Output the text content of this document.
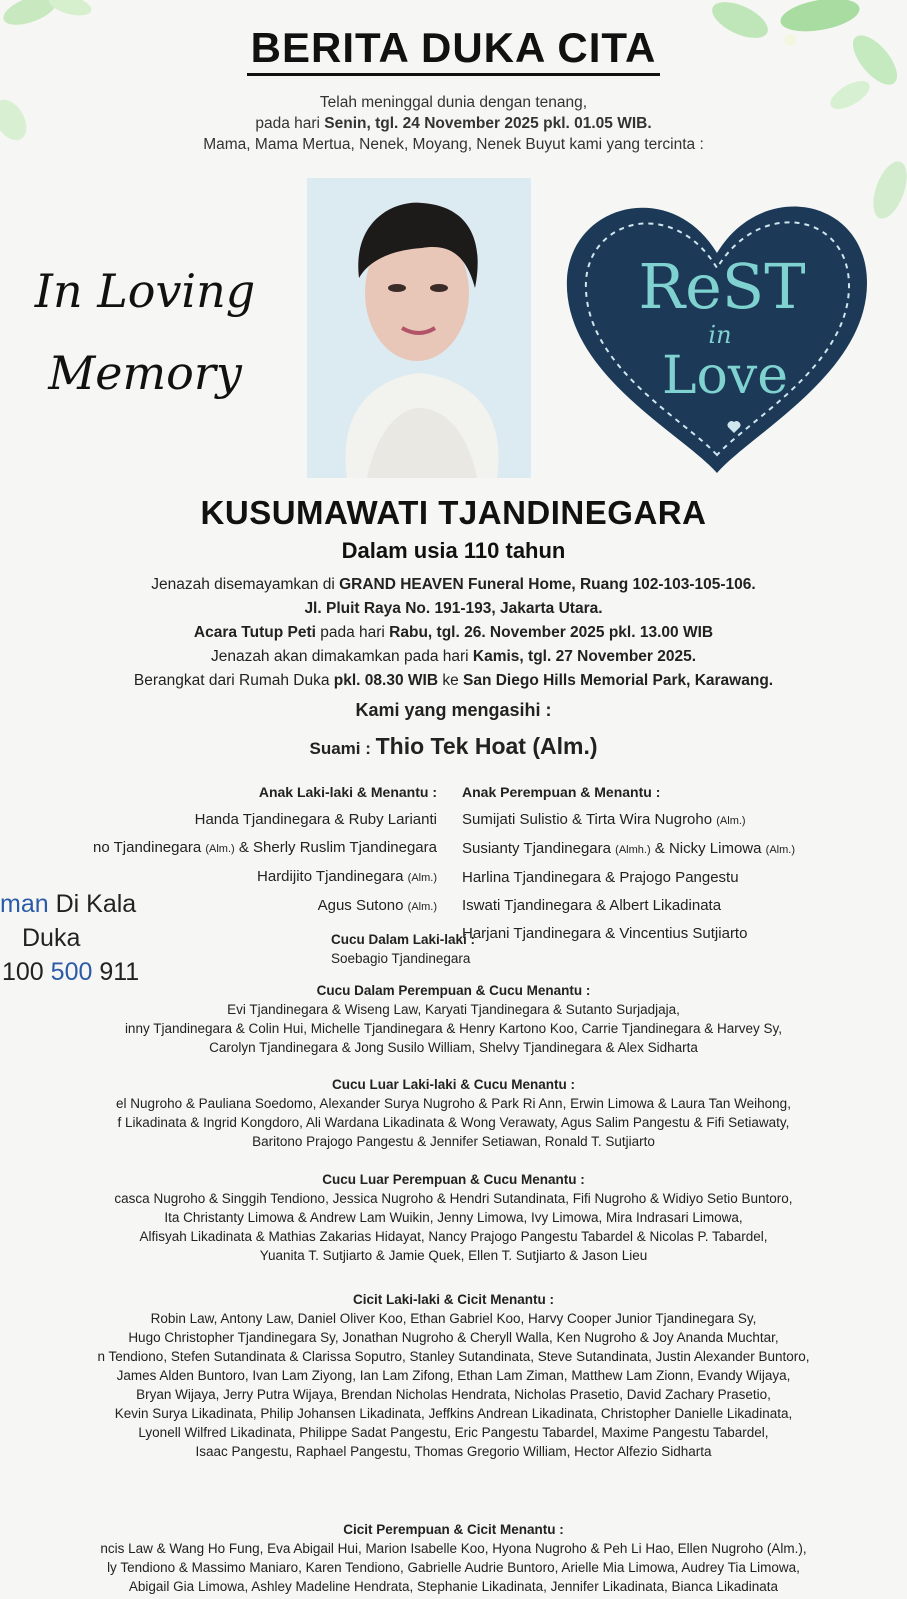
BERITA DUKA CITA
Telah meninggal dunia dengan tenang,
pada hari Senin, tgl. 24 November 2025 pkl. 01.05 WIB.
Mama, Mama Mertua, Nenek, Moyang, Nenek Buyut kami yang tercinta :
In Loving
Memory
ReST
in
Love
KUSUMAWATI TJANDINEGARA
Dalam usia 110 tahun
Jenazah disemayamkan di GRAND HEAVEN Funeral Home, Ruang 102-103-105-106.
Jl. Pluit Raya No. 191-193, Jakarta Utara.
Acara Tutup Peti pada hari Rabu, tgl. 26. November 2025 pkl. 13.00 WIB
Jenazah akan dimakamkan pada hari Kamis, tgl. 27 November 2025.
Berangkat dari Rumah Duka pkl. 08.30 WIB ke San Diego Hills Memorial Park, Karawang.
Kami yang mengasihi :
Suami : Thio Tek Hoat (Alm.)
Anak Laki-laki & Menantu :
Handa Tjandinegara & Ruby Larianti
no Tjandinegara (Alm.) & Sherly Ruslim Tjandinegara
Hardijito Tjandinegara (Alm.)
Agus Sutono (Alm.)
Anak Perempuan & Menantu :
Sumijati Sulistio & Tirta Wira Nugroho (Alm.)
Susianty Tjandinegara (Almh.) & Nicky Limowa (Alm.)
Harlina Tjandinegara & Prajogo Pangestu
Iswati Tjandinegara & Albert Likadinata
Harjani Tjandinegara & Vincentius Sutjiarto
man Di Kala
Duka
100 500 911
Cucu Dalam Laki-laki :
Soebagio Tjandinegara
Cucu Dalam Perempuan & Cucu Menantu :
Evi Tjandinegara & Wiseng Law, Karyati Tjandinegara & Sutanto Surjadjaja,
inny Tjandinegara & Colin Hui, Michelle Tjandinegara & Henry Kartono Koo, Carrie Tjandinegara & Harvey Sy,
Carolyn Tjandinegara & Jong Susilo William, Shelvy Tjandinegara & Alex Sidharta
Cucu Luar Laki-laki & Cucu Menantu :
el Nugroho & Pauliana Soedomo, Alexander Surya Nugroho & Park Ri Ann, Erwin Limowa & Laura Tan Weihong,
f Likadinata & Ingrid Kongdoro, Ali Wardana Likadinata & Wong Verawaty, Agus Salim Pangestu & Fifi Setiawaty,
Baritono Prajogo Pangestu & Jennifer Setiawan, Ronald T. Sutjiarto
Cucu Luar Perempuan & Cucu Menantu :
casca Nugroho & Singgih Tendiono, Jessica Nugroho & Hendri Sutandinata, Fifi Nugroho & Widiyo Setio Buntoro,
Ita Christanty Limowa & Andrew Lam Wuikin, Jenny Limowa, Ivy Limowa, Mira Indrasari Limowa,
Alfisyah Likadinata & Mathias Zakarias Hidayat, Nancy Prajogo Pangestu Tabardel & Nicolas P. Tabardel,
Yuanita T. Sutjiarto & Jamie Quek, Ellen T. Sutjiarto & Jason Lieu
Cicit Laki-laki & Cicit Menantu :
Robin Law, Antony Law, Daniel Oliver Koo, Ethan Gabriel Koo, Harvy Cooper Junior Tjandinegara Sy,
Hugo Christopher Tjandinegara Sy, Jonathan Nugroho & Cheryll Walla, Ken Nugroho & Joy Ananda Muchtar,
n Tendiono, Stefen Sutandinata & Clarissa Soputro, Stanley Sutandinata, Steve Sutandinata, Justin Alexander Buntoro,
James Alden Buntoro, Ivan Lam Ziyong, Ian Lam Zifong, Ethan Lam Ziman, Matthew Lam Zionn, Evandy Wijaya,
Bryan Wijaya, Jerry Putra Wijaya, Brendan Nicholas Hendrata, Nicholas Prasetio, David Zachary Prasetio,
Kevin Surya Likadinata, Philip Johansen Likadinata, Jeffkins Andrean Likadinata, Christopher Danielle Likadinata,
Lyonell Wilfred Likadinata, Philippe Sadat Pangestu, Eric Pangestu Tabardel, Maxime Pangestu Tabardel,
Isaac Pangestu, Raphael Pangestu, Thomas Gregorio William, Hector Alfezio Sidharta
Cicit Perempuan & Cicit Menantu :
ncis Law & Wang Ho Fung, Eva Abigail Hui, Marion Isabelle Koo, Hyona Nugroho & Peh Li Hao, Ellen Nugroho (Alm.),
ly Tendiono & Massimo Maniaro, Karen Tendiono, Gabrielle Audrie Buntoro, Arielle Mia Limowa, Audrey Tia Limowa,
Abigail Gia Limowa, Ashley Madeline Hendrata, Stephanie Likadinata, Jennifer Likadinata, Bianca Likadinata
